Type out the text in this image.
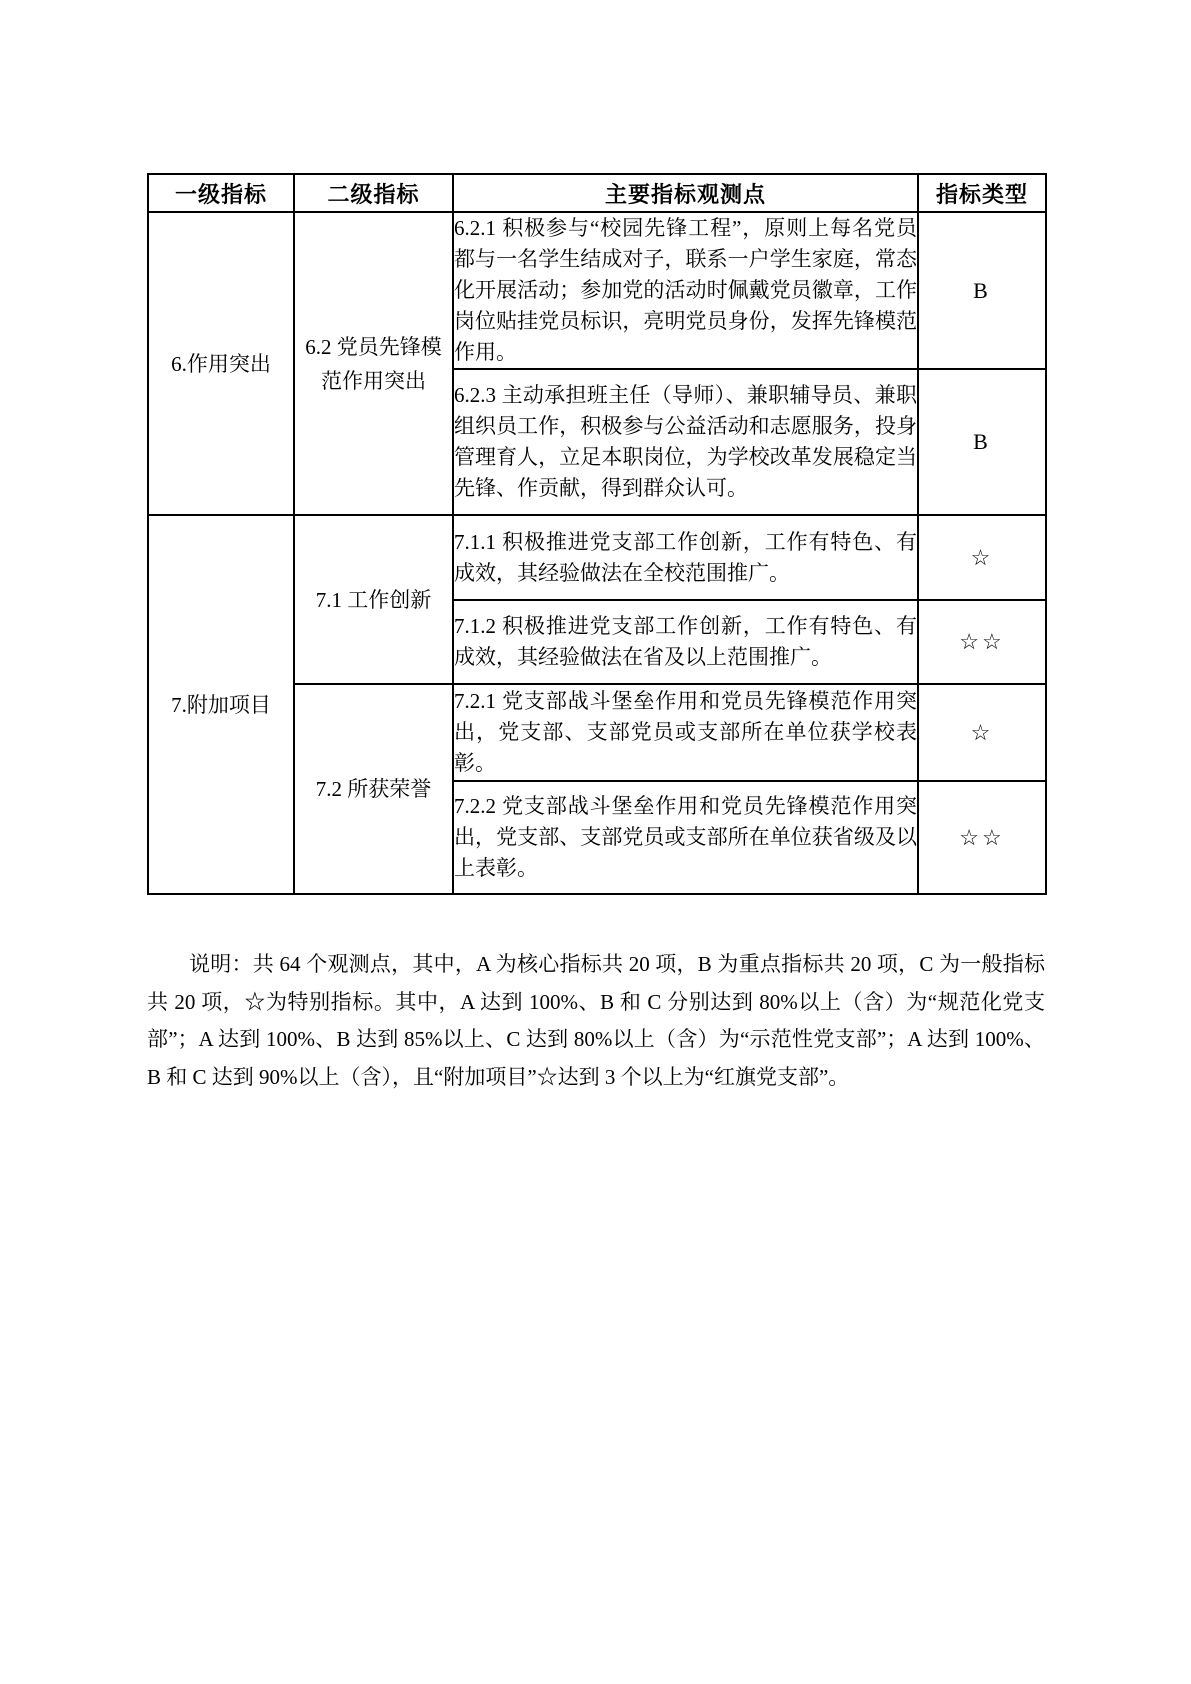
一级指标	二级指标	主要指标观测点	指标类型
6.作用突出	6.2 党员先锋模范作用突出	6.2.1 积极参与“校园先锋工程”，原则上每名党员都与一名学生结成对子，联系一户学生家庭，常态化开展活动；参加党的活动时佩戴党员徽章，工作岗位贴挂党员标识，亮明党员身份，发挥先锋模范作用。	B
		6.2.3 主动承担班主任（导师）、兼职辅导员、兼职组织员工作，积极参与公益活动和志愿服务，投身管理育人，立足本职岗位，为学校改革发展稳定当先锋、作贡献，得到群众认可。	B
7.附加项目	7.1 工作创新	7.1.1 积极推进党支部工作创新，工作有特色、有成效，其经验做法在全校范围推广。	☆
		7.1.2 积极推进党支部工作创新，工作有特色、有成效，其经验做法在省及以上范围推广。	☆☆
	7.2 所获荣誉	7.2.1 党支部战斗堡垒作用和党员先锋模范作用突出，党支部、支部党员或支部所在单位获学校表彰。	☆
		7.2.2 党支部战斗堡垒作用和党员先锋模范作用突出，党支部、支部党员或支部所在单位获省级及以上表彰。	☆☆

说明：共 64 个观测点，其中，A 为核心指标共 20 项，B 为重点指标共 20 项，C 为一般指标共 20 项，☆为特别指标。其中，A 达到 100%、B 和 C 分别达到 80%以上（含）为“规范化党支部”；A 达到 100%、B 达到 85%以上、C 达到 80%以上（含）为“示范性党支部”；A 达到 100%、B 和 C 达到 90%以上（含），且“附加项目”☆达到 3 个以上为“红旗党支部”。
